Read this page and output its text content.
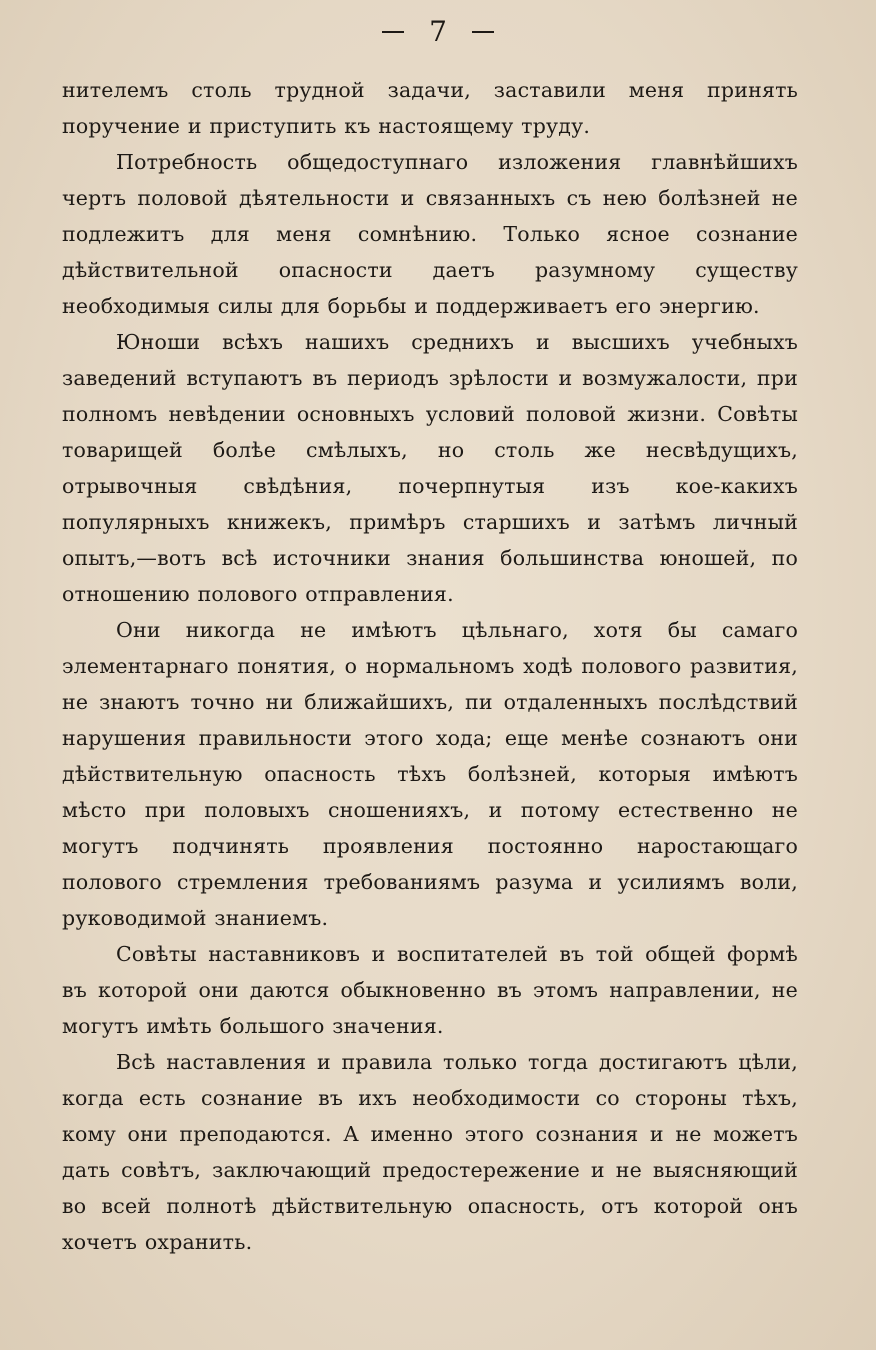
7

нителемъ столь трудной задачи, заставили меня принять поручение и приступить къ настоящему труду.

Потребность общедоступнаго изложения главнѣйшихъ чертъ половой дѣятельности и связанныхъ съ нею болѣзней не подлежитъ для меня сомнѣнию. Только ясное сознание дѣйствительной опасности даетъ разумному существу необходимыя силы для борьбы и поддерживаетъ его энергию.

Юноши всѣхъ нашихъ среднихъ и высшихъ учебныхъ заведений вступаютъ въ периодъ зрѣлости и возмужалости, при полномъ невѣдении основныхъ условий половой жизни. Совѣты товарищей болѣе смѣлыхъ, но столь же несвѣдущихъ, отрывочныя свѣдѣния, почерпнутыя изъ кое-какихъ популярныхъ книжекъ, примѣръ старшихъ и затѣмъ личный опытъ,—вотъ всѣ источники знания большинства юношей, по отношению полового отправления.

Они никогда не имѣютъ цѣльнаго, хотя бы самаго элементарнаго понятия, о нормальномъ ходѣ полового развития, не знаютъ точно ни ближайшихъ, пи отдаленныхъ послѣдствий нарушения правильности этого хода; еще менѣе сознаютъ они дѣйствительную опасность тѣхъ болѣзней, которыя имѣютъ мѣсто при половыхъ сношенияхъ, и потому естественно не могутъ подчинять проявления постоянно наростающаго полового стремления требованиямъ разума и усилиямъ воли, руководимой знаниемъ.

Совѣты наставниковъ и воспитателей въ той общей формѣ въ которой они даются обыкновенно въ этомъ направлении, не могутъ имѣть большого значения.

Всѣ наставления и правила только тогда достигаютъ цѣли, когда есть сознание въ ихъ необходимости со стороны тѣхъ, кому они преподаются. А именно этого сознания и не можетъ дать совѣтъ, заключающий предостережение и не выясняющий во всей полнотѣ дѣйствительную опасность, отъ которой онъ хочетъ охранить.
